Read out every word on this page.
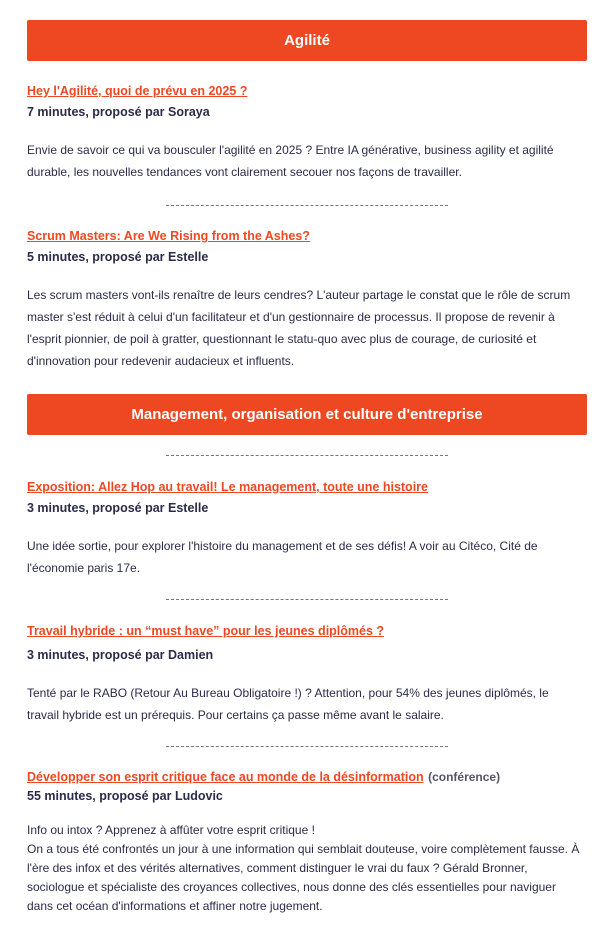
Agilité
Hey l'Agilité, quoi de prévu en 2025 ?
7 minutes, proposé par Soraya
Envie de savoir ce qui va bousculer l'agilité en 2025 ? Entre IA générative, business agility et agilité durable, les nouvelles tendances vont clairement secouer nos façons de travailler.
Scrum Masters: Are We Rising from the Ashes?
5 minutes, proposé par Estelle
Les scrum masters vont-ils renaître de leurs cendres? L'auteur partage le constat que le rôle de scrum master s'est réduit à celui d'un facilitateur et d'un gestionnaire de processus. Il propose de revenir à l'esprit pionnier, de poil à gratter, questionnant le statu-quo avec plus de courage, de curiosité et d'innovation pour redevenir audacieux et influents.
Management, organisation et culture d'entreprise
Exposition: Allez Hop au travail! Le management, toute une histoire
3 minutes, proposé par Estelle
Une idée sortie, pour explorer l'histoire du management et de ses défis! A voir au Citéco, Cité de l'économie paris 17e.
Travail hybride : un “must have” pour les jeunes diplômés ?
3 minutes, proposé par Damien
Tenté par le RABO (Retour Au Bureau Obligatoire !) ? Attention, pour 54% des jeunes diplômés, le travail hybride est un prérequis. Pour certains ça passe même avant le salaire.
Développer son esprit critique face au monde de la désinformation (conférence)
55 minutes, proposé par Ludovic
Info ou intox ? Apprenez à affûter votre esprit critique !
On a tous été confrontés un jour à une information qui semblait douteuse, voire complètement fausse. À l'ère des infox et des vérités alternatives, comment distinguer le vrai du faux ? Gérald Bronner, sociologue et spécialiste des croyances collectives, nous donne des clés essentielles pour naviguer dans cet océan d'informations et affiner notre jugement.
